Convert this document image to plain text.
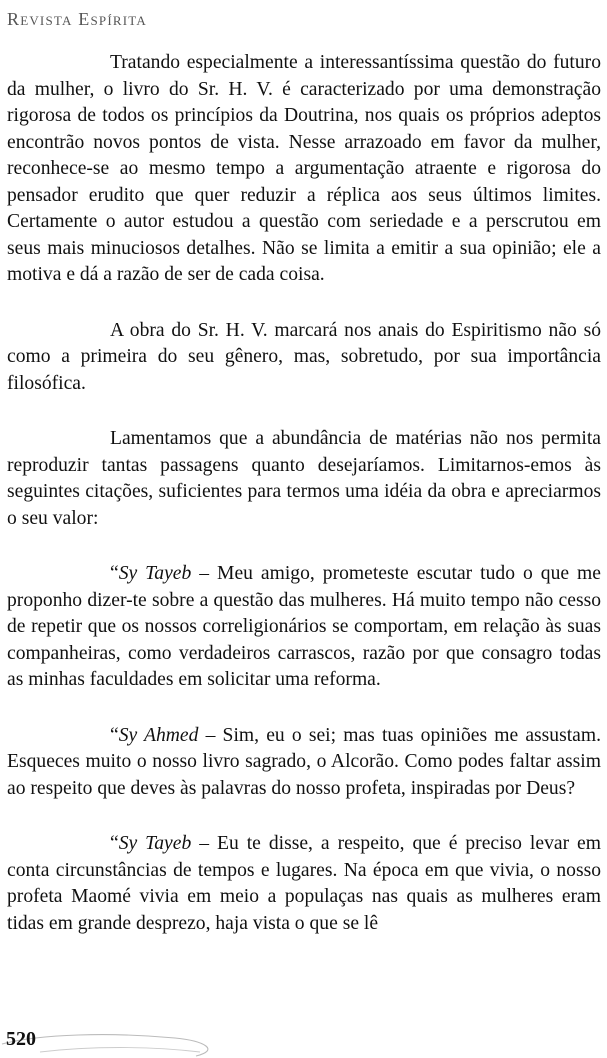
Revista Espírita

Tratando especialmente a interessantíssima questão do futuro da mulher, o livro do Sr. H. V. é caracterizado por uma demonstração rigorosa de todos os princípios da Doutrina, nos quais os próprios adeptos encontrão novos pontos de vista. Nesse arrazoado em favor da mulher, reconhece-se ao mesmo tempo a argumentação atraente e rigorosa do pensador erudito que quer reduzir a réplica aos seus últimos limites. Certamente o autor estudou a questão com seriedade e a perscrutou em seus mais minuciosos detalhes. Não se limita a emitir a sua opinião; ele a motiva e dá a razão de ser de cada coisa.

A obra do Sr. H. V. marcará nos anais do Espiritismo não só como a primeira do seu gênero, mas, sobretudo, por sua importância filosófica.

Lamentamos que a abundância de matérias não nos permita reproduzir tantas passagens quanto desejaríamos. Limitarnos-emos às seguintes citações, suficientes para termos uma idéia da obra e apreciarmos o seu valor:

“Sy Tayeb – Meu amigo, prometeste escutar tudo o que me proponho dizer-te sobre a questão das mulheres. Há muito tempo não cesso de repetir que os nossos correligionários se comportam, em relação às suas companheiras, como verdadeiros carrascos, razão por que consagro todas as minhas faculdades em solicitar uma reforma.

“Sy Ahmed – Sim, eu o sei; mas tuas opiniões me assustam. Esqueces muito o nosso livro sagrado, o Alcorão. Como podes faltar assim ao respeito que deves às palavras do nosso profeta, inspiradas por Deus?

“Sy Tayeb – Eu te disse, a respeito, que é preciso levar em conta circunstâncias de tempos e lugares. Na época em que vivia, o nosso profeta Maomé vivia em meio a populaças nas quais as mulheres eram tidas em grande desprezo, haja vista o que se lê

520
